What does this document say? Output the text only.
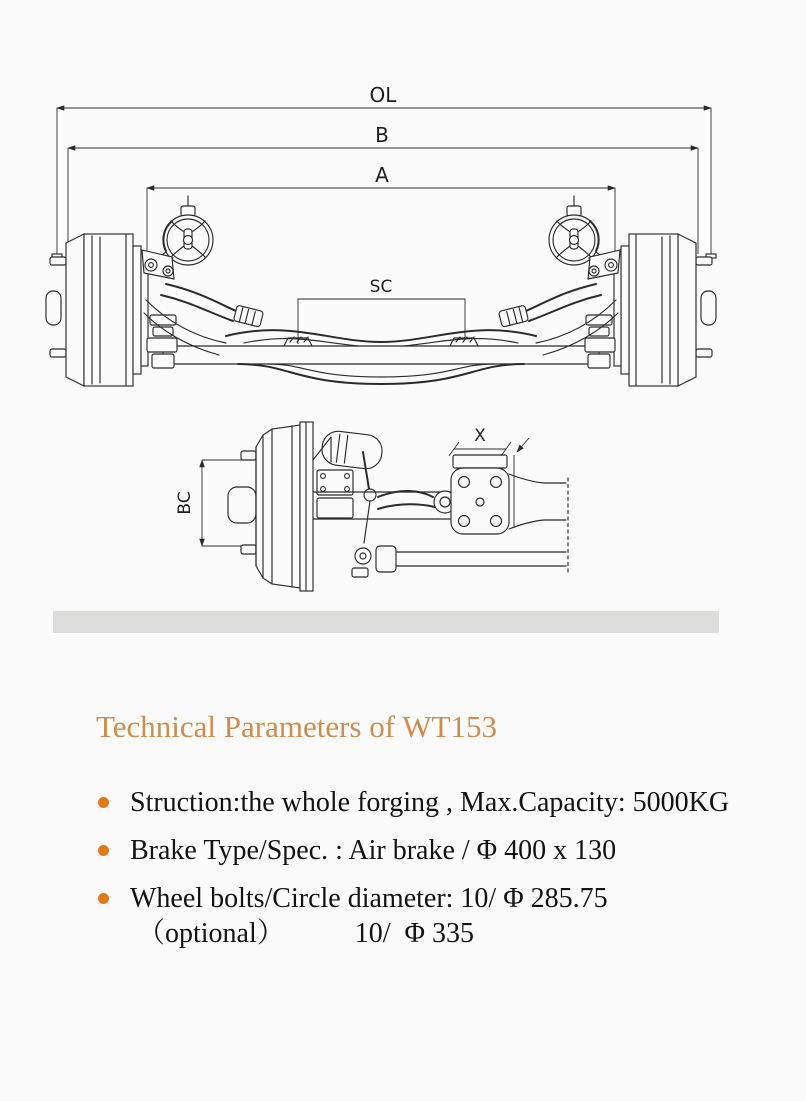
OL
B
A
SC
BC
X
Technical Parameters of WT153
Struction:the whole forging , Max.Capacity: 5000KG
Brake Type/Spec. : Air brake / Φ 400 x 130
Wheel bolts/Circle diameter: 10/ Φ 285.75
（optional）          10/  Φ 335
